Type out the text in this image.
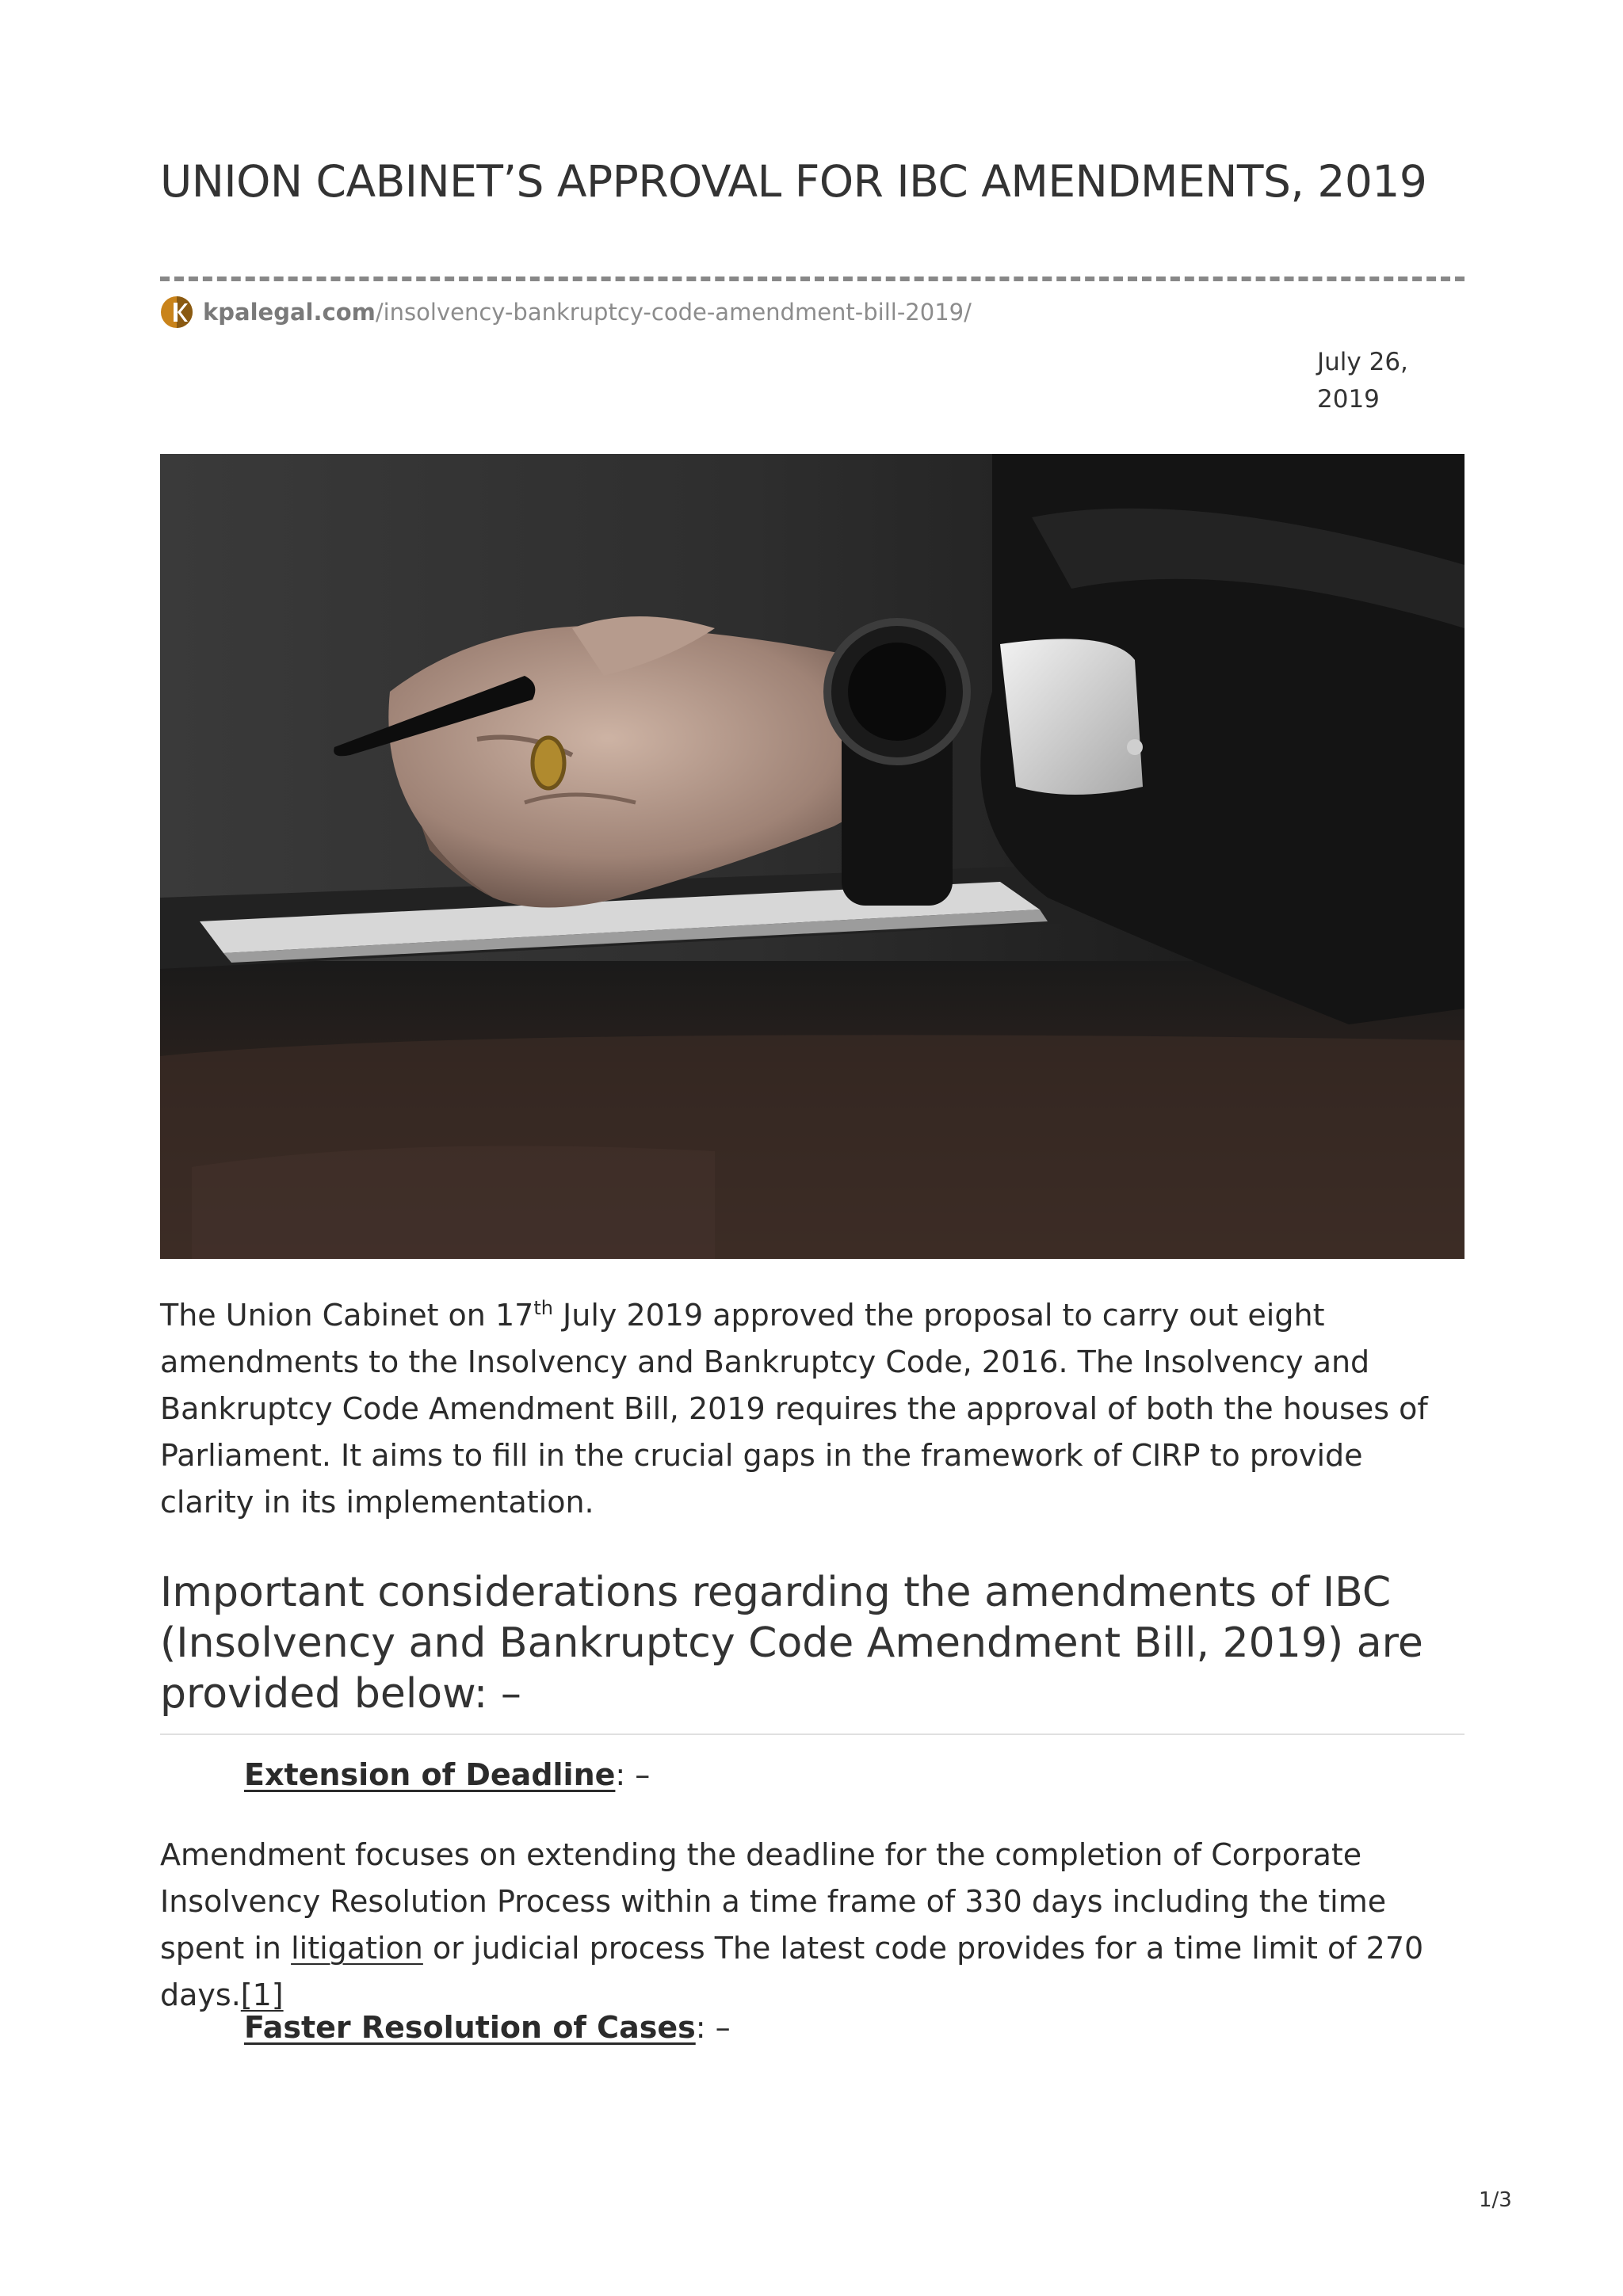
UNION CABINET’S APPROVAL FOR IBC AMENDMENTS, 2019
kpalegal.com /insolvency-bankruptcy-code-amendment-bill-2019/
July 26, 2019

The Union Cabinet on 17th July 2019 approved the proposal to carry out eight amendments to the Insolvency and Bankruptcy Code, 2016. The Insolvency and Bankruptcy Code Amendment Bill, 2019 requires the approval of both the houses of Parliament. It aims to fill in the crucial gaps in the framework of CIRP to provide clarity in its implementation.

Important considerations regarding the amendments of IBC (Insolvency and Bankruptcy Code Amendment Bill, 2019) are provided below: –
Extension of Deadline: –

Amendment focuses on extending the deadline for the completion of Corporate Insolvency Resolution Process within a time frame of 330 days including the time spent in litigation or judicial process The latest code provides for a time limit of 270 days.[1]

Faster Resolution of Cases: –
1/3
